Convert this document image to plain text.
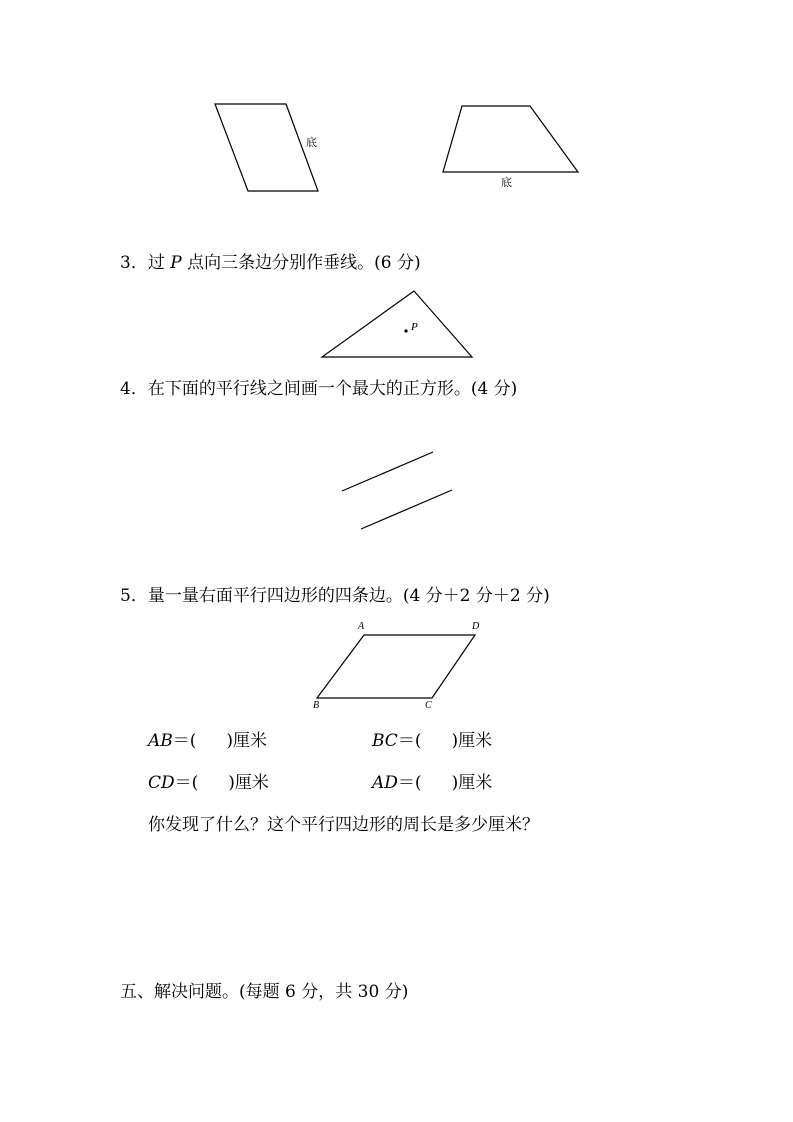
底
底
3．过 P 点向三条边分别作垂线。(6 分)
P
4．在下面的平行线之间画一个最大的正方形。(4 分)
5．量一量右面平行四边形的四条边。(4 分＋2 分＋2 分)
A	D
B	C
AB＝( )厘米	BC＝( )厘米
CD＝( )厘米	AD＝( )厘米
你发现了什么？这个平行四边形的周长是多少厘米？
五、解决问题。(每题 6 分，共 30 分)
